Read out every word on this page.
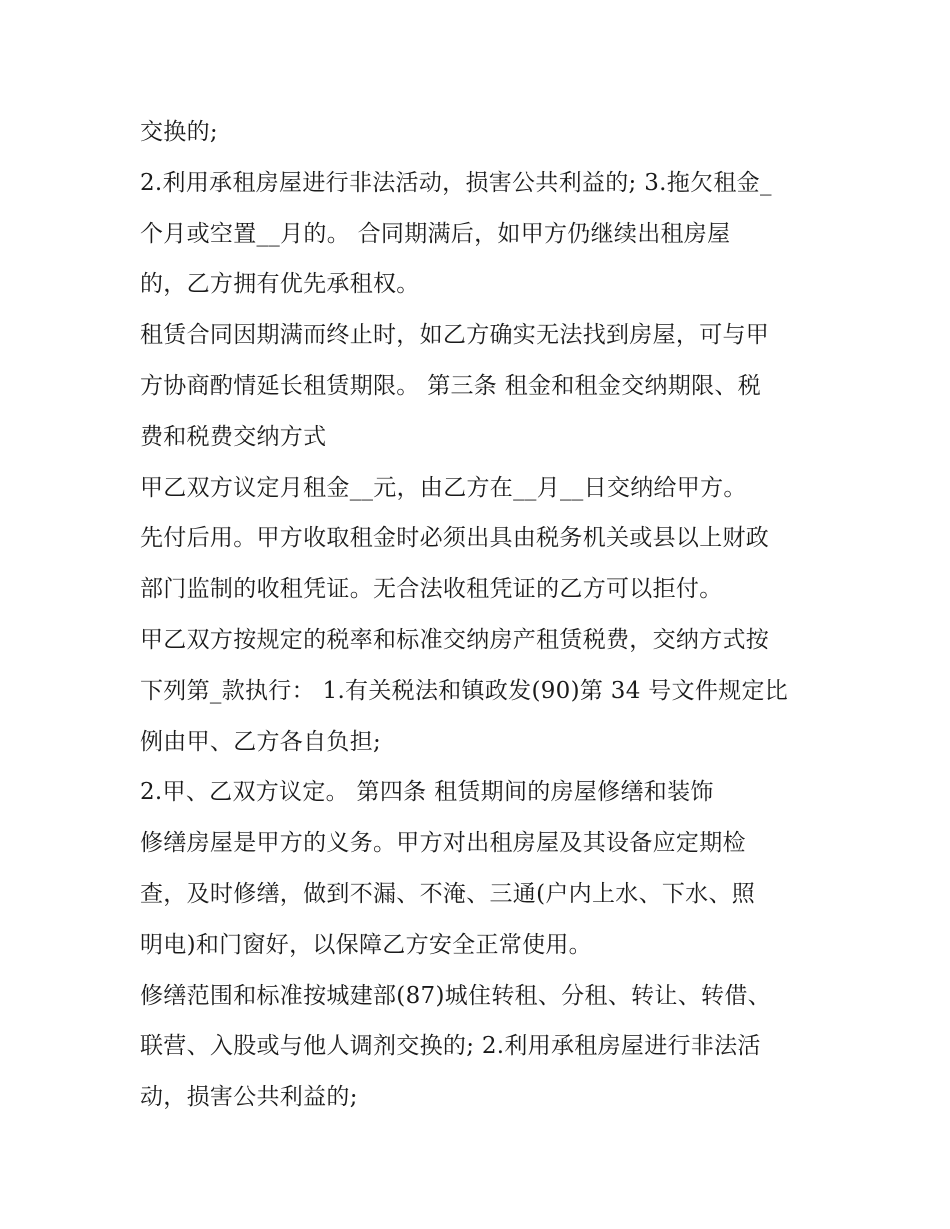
交换的;
2.利用承租房屋进行非法活动，损害公共利益的; 3.拖欠租金_
个月或空置__月的。 合同期满后，如甲方仍继续出租房屋
的，乙方拥有优先承租权。
租赁合同因期满而终止时，如乙方确实无法找到房屋，可与甲
方协商酌情延长租赁期限。 第三条 租金和租金交纳期限、税
费和税费交纳方式
甲乙双方议定月租金__元，由乙方在__月__日交纳给甲方。
先付后用。甲方收取租金时必须出具由税务机关或县以上财政
部门监制的收租凭证。无合法收租凭证的乙方可以拒付。
甲乙双方按规定的税率和标准交纳房产租赁税费，交纳方式按
下列第_款执行： 1.有关税法和镇政发(90)第 34 号文件规定比
例由甲、乙方各自负担;
2.甲、乙双方议定。 第四条 租赁期间的房屋修缮和装饰
修缮房屋是甲方的义务。甲方对出租房屋及其设备应定期检
查，及时修缮，做到不漏、不淹、三通(户内上水、下水、照
明电)和门窗好，以保障乙方安全正常使用。
修缮范围和标准按城建部(87)城住转租、分租、转让、转借、
联营、入股或与他人调剂交换的; 2.利用承租房屋进行非法活
动，损害公共利益的;
